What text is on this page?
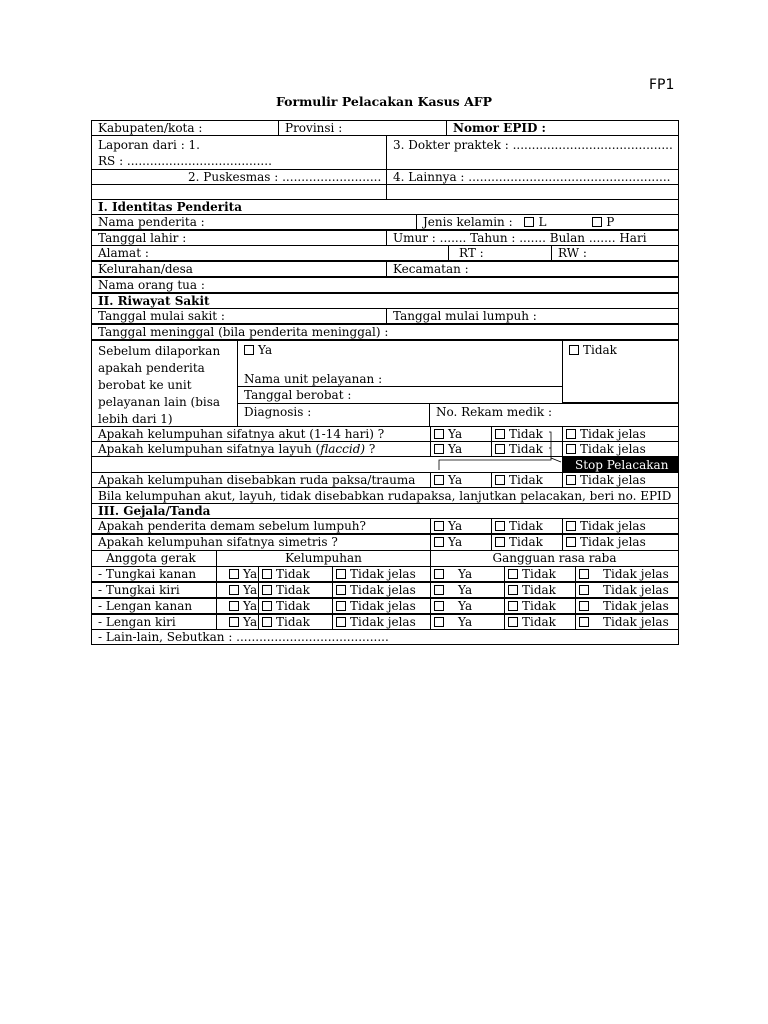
FP1
Formulir Pelacakan Kasus AFP
Kabupaten/kota :	Provinsi :	Nomor EPID :
Laporan dari : 1.
RS : ......................................
3. Dokter praktek : ..........................................
2. Puskesmas : .......................... 4. Lainnya : .....................................................
I. Identitas Penderita
Nama penderita :	Jenis kelamin : L	P
Tanggal lahir :	Umur : ....... Tahun : ....... Bulan ....... Hari
Alamat :	RT :	RW :
Kelurahan/desa	Kecamatan :
Nama orang tua :
II. Riwayat Sakit
Tanggal mulai sakit :	Tanggal mulai lumpuh :
Tanggal meninggal (bila penderita meninggal) :
Sebelum dilaporkan apakah penderita berobat ke unit pelayanan lain (bisa lebih dari 1)
Ya
Nama unit pelayanan :
Tidak
Tanggal berobat :
Diagnosis :	No. Rekam medik :
Apakah kelumpuhan sifatnya akut (1-14 hari) ?	Ya	Tidak	Tidak jelas
Apakah kelumpuhan sifatnya layuh (flaccid) ?	Ya	Tidak	Tidak jelas
Stop Pelacakan
Apakah kelumpuhan disebabkan ruda paksa/trauma	Ya	Tidak	Tidak jelas
Bila kelumpuhan akut, layuh, tidak disebabkan rudapaksa, lanjutkan pelacakan, beri no. EPID
III. Gejala/Tanda
Apakah penderita demam sebelum lumpuh?	Ya	Tidak	Tidak jelas
Apakah kelumpuhan sifatnya simetris ?	Ya	Tidak	Tidak jelas
Anggota gerak	Kelumpuhan	Gangguan rasa raba
- Tungkai kanan	Ya	Tidak	Tidak jelas	Ya	Tidak	Tidak jelas
- Tungkai kiri	Ya	Tidak	Tidak jelas	Ya	Tidak	Tidak jelas
- Lengan kanan	Ya	Tidak	Tidak jelas	Ya	Tidak	Tidak jelas
- Lengan kiri	Ya	Tidak	Tidak jelas	Ya	Tidak	Tidak jelas
- Lain-lain, Sebutkan : ........................................
